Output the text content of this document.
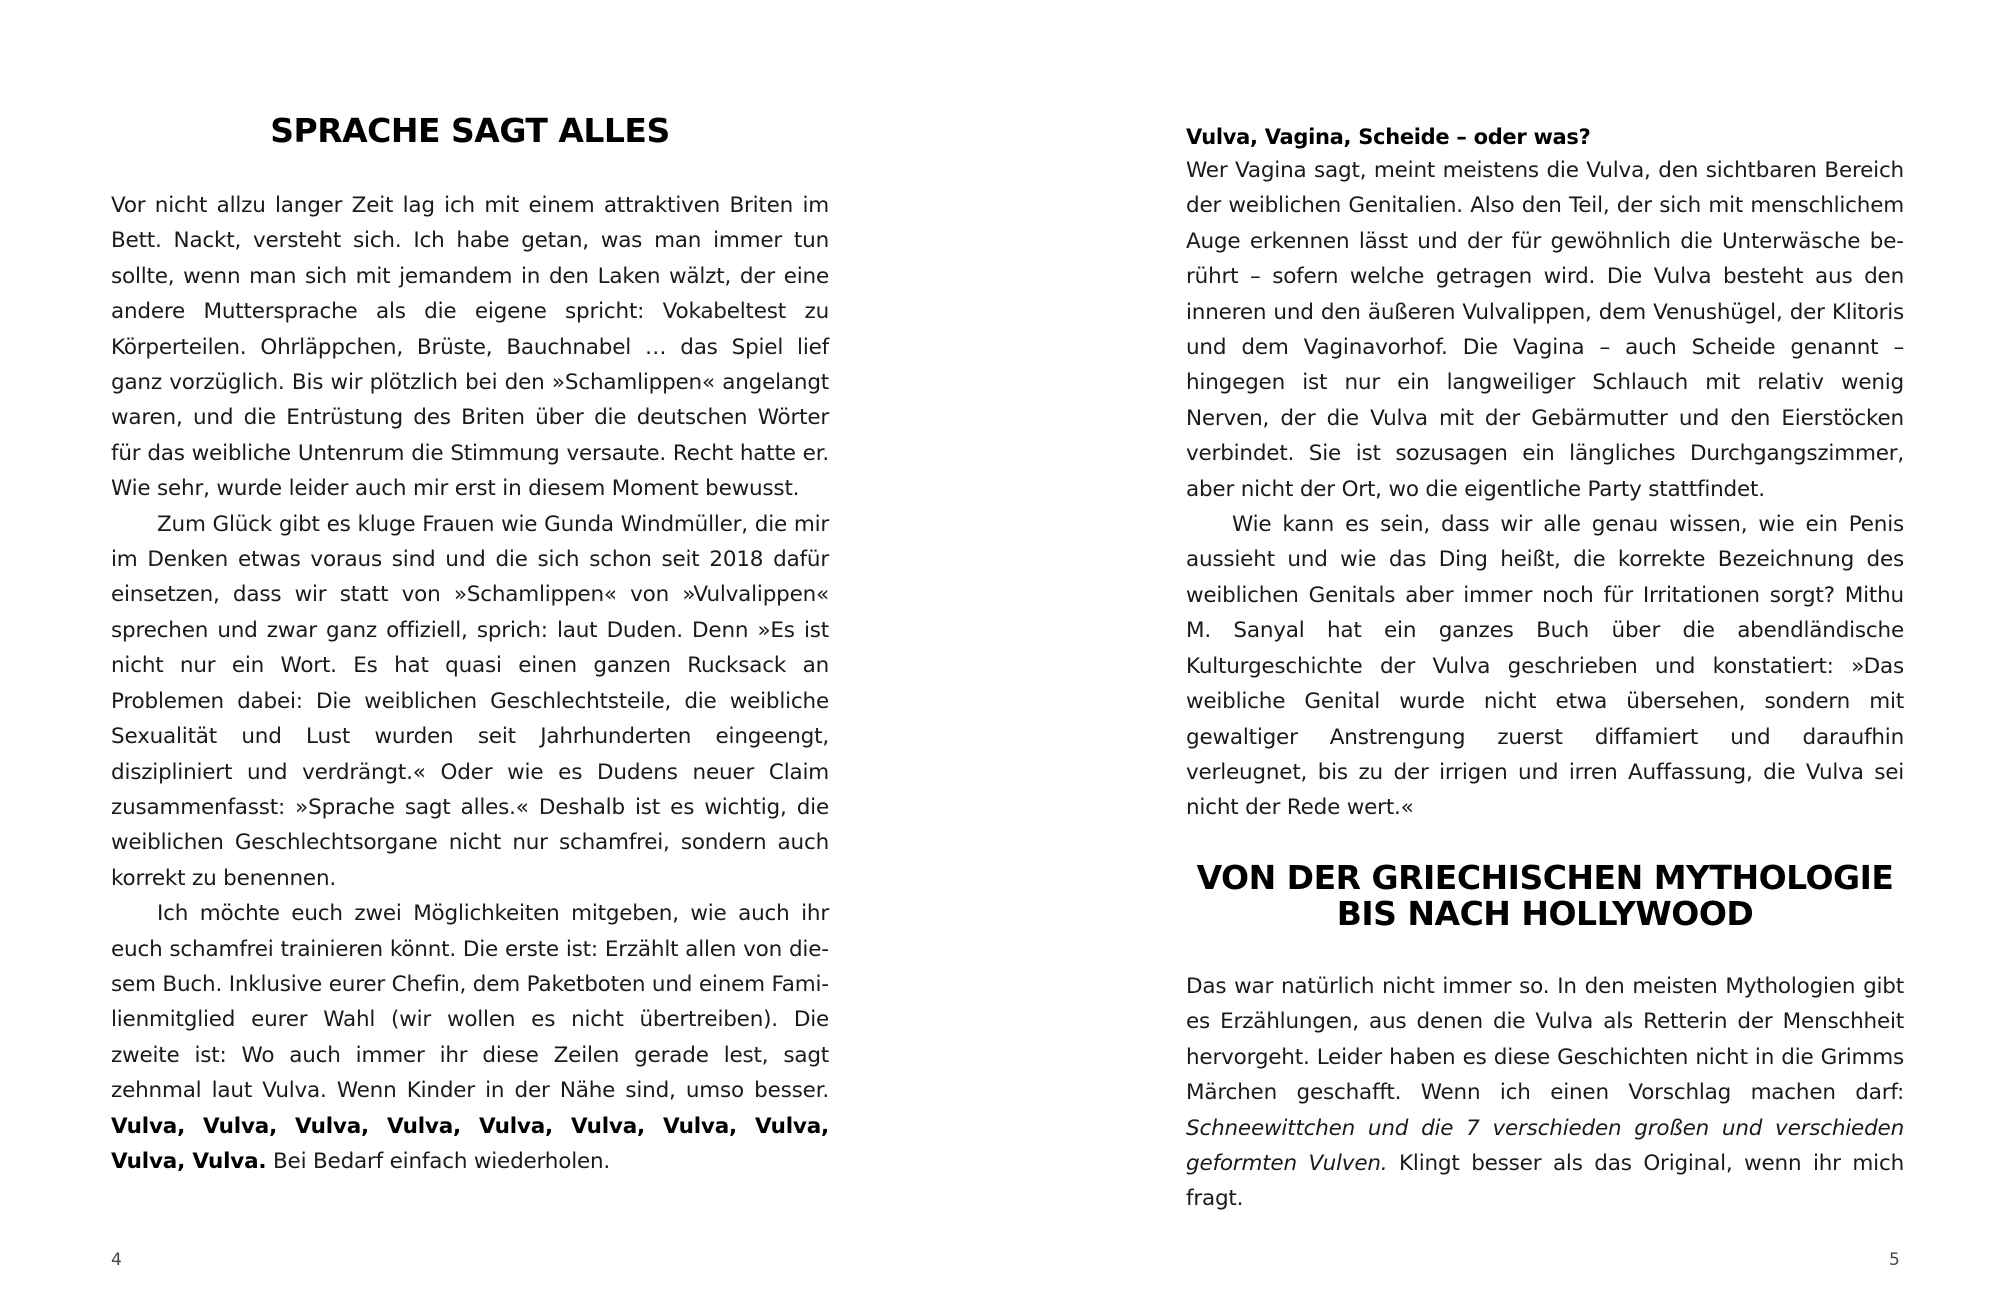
SPRACHE SAGT ALLES

Vor nicht allzu langer Zeit lag ich mit einem attraktiven Briten im Bett. Nackt, versteht sich. Ich habe getan, was man immer tun sollte, wenn man sich mit jemandem in den Laken wälzt, der eine andere Muttersprache als die eigene spricht: Vokabeltest zu Körperteilen. Ohrläppchen, Brüste, Bauchnabel … das Spiel lief ganz vorzüglich. Bis wir plötzlich bei den »Schamlippen« angelangt waren, und die Entrüstung des Briten über die deutschen Wörter für das weibliche Untenrum die Stimmung versaute. Recht hatte er. Wie sehr, wurde leider auch mir erst in diesem Moment bewusst.

Zum Glück gibt es kluge Frauen wie Gunda Windmüller, die mir im Denken etwas voraus sind und die sich schon seit 2018 dafür einsetzen, dass wir statt von »Schamlippen« von »Vulvalippen« sprechen und zwar ganz offiziell, sprich: laut Duden. Denn »Es ist nicht nur ein Wort. Es hat quasi einen ganzen Rucksack an Problemen dabei: Die weiblichen Geschlechtsteile, die weibliche Sexualität und Lust wurden seit Jahrhunderten eingeengt, diszipliniert und verdrängt.« Oder wie es Dudens neuer Claim zusammenfasst: »Sprache sagt alles.« Deshalb ist es wichtig, die weiblichen Geschlechtsorgane nicht nur schamfrei, sondern auch korrekt zu benennen.

Ich möchte euch zwei Möglichkeiten mitgeben, wie auch ihr euch schamfrei trainieren könnt. Die erste ist: Erzählt allen von diesem Buch. Inklusive eurer Chefin, dem Paketboten und einem Familienmitglied eurer Wahl (wir wollen es nicht übertreiben). Die zweite ist: Wo auch immer ihr diese Zeilen gerade lest, sagt zehnmal laut Vulva. Wenn Kinder in der Nähe sind, umso besser. Vulva, Vulva, Vulva, Vulva, Vulva, Vulva, Vulva, Vulva, Vulva, Vulva. Bei Bedarf einfach wiederholen.

4
Vulva, Vagina, Scheide – oder was?

Wer Vagina sagt, meint meistens die Vulva, den sichtbaren Bereich der weiblichen Genitalien. Also den Teil, der sich mit menschlichem Auge erkennen lässt und der für gewöhnlich die Unterwäsche berührt – sofern welche getragen wird. Die Vulva besteht aus den inneren und den äußeren Vulvalippen, dem Venushügel, der Klitoris und dem Vaginavorhof. Die Vagina – auch Scheide genannt – hingegen ist nur ein langweiliger Schlauch mit relativ wenig Nerven, der die Vulva mit der Gebärmutter und den Eierstöcken verbindet. Sie ist sozusagen ein längliches Durchgangszimmer, aber nicht der Ort, wo die eigentliche Party stattfindet.

Wie kann es sein, dass wir alle genau wissen, wie ein Penis aussieht und wie das Ding heißt, die korrekte Bezeichnung des weiblichen Genitals aber immer noch für Irritationen sorgt? Mithu M. Sanyal hat ein ganzes Buch über die abendländische Kulturgeschichte der Vulva geschrieben und konstatiert: »Das weibliche Genital wurde nicht etwa übersehen, sondern mit gewaltiger Anstrengung zuerst diffamiert und daraufhin verleugnet, bis zu der irrigen und irren Auffassung, die Vulva sei nicht der Rede wert.«

VON DER GRIECHISCHEN MYTHOLOGIE
BIS NACH HOLLYWOOD

Das war natürlich nicht immer so. In den meisten Mythologien gibt es Erzählungen, aus denen die Vulva als Retterin der Menschheit hervorgeht. Leider haben es diese Geschichten nicht in die Grimms Märchen geschafft. Wenn ich einen Vorschlag machen darf: Schneewittchen und die 7 verschieden großen und verschieden geformten Vulven. Klingt besser als das Original, wenn ihr mich fragt.

5
